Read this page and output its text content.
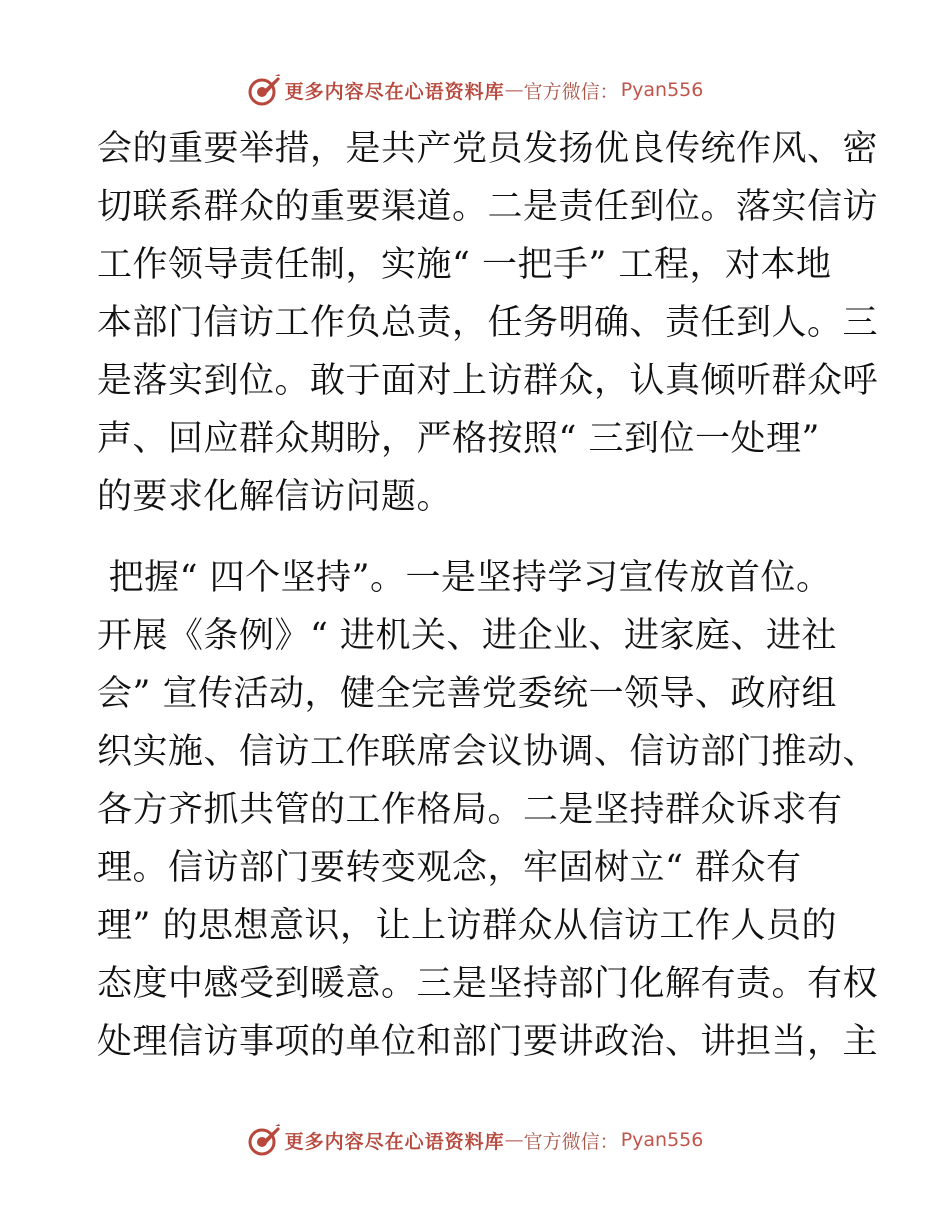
更多内容尽在心语资料库 — 官方微信： Pyan556
会的重要举措，是共产党员发扬优良传统作风、密
切联系群众的重要渠道。二是责任到位。落实信访
工作领导责任制，实施“ 一把手” 工程，对本地
本部门信访工作负总责，任务明确、责任到人。三
是落实到位。敢于面对上访群众，认真倾听群众呼
声、回应群众期盼，严格按照“ 三到位一处理”
的要求化解信访问题。
把握“ 四个坚持”。一是坚持学习宣传放首位。
开展《条例》“ 进机关、进企业、进家庭、进社
会” 宣传活动，健全完善党委统一领导、政府组
织实施、信访工作联席会议协调、信访部门推动、
各方齐抓共管的工作格局。二是坚持群众诉求有
理。信访部门要转变观念，牢固树立“ 群众有
理” 的思想意识，让上访群众从信访工作人员的
态度中感受到暖意。三是坚持部门化解有责。有权
处理信访事项的单位和部门要讲政治、讲担当，主
更多内容尽在心语资料库 — 官方微信： Pyan556
